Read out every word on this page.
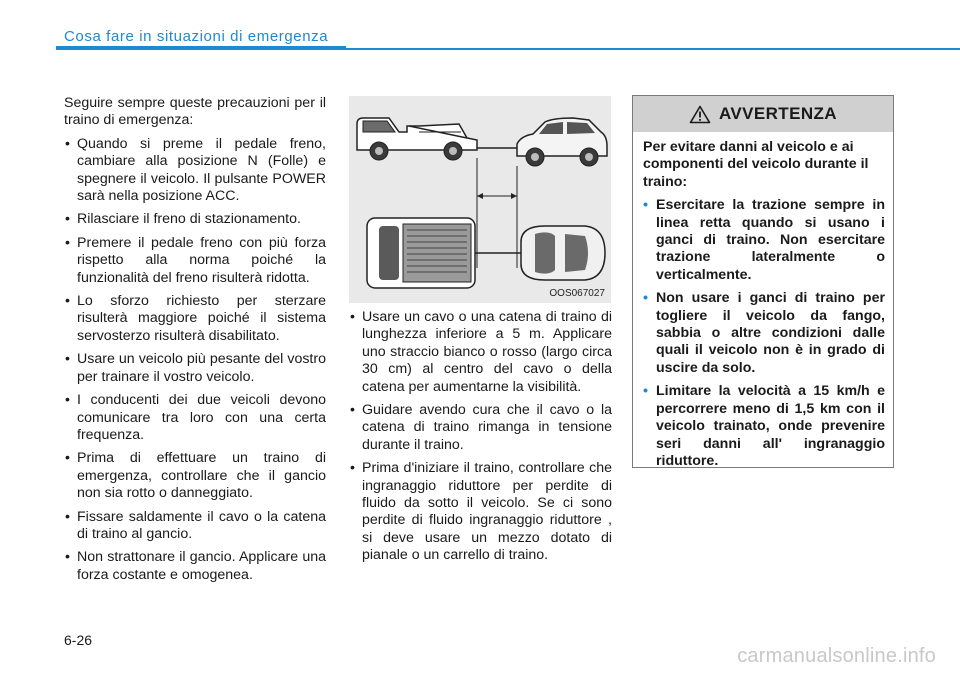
Cosa fare in situazioni di emergenza

Seguire sempre queste precauzioni per il traino di emergenza:

• Quando si preme il pedale freno, cambiare alla posizione N (Folle) e spegnere il veicolo. Il pulsante POWER sarà nella posizione ACC.
• Rilasciare il freno di stazionamento.
• Premere il pedale freno con più forza rispetto alla norma poiché la funzionalità del freno risulterà ridotta.
• Lo sforzo richiesto per sterzare risulterà maggiore poiché il sistema servosterzo risulterà disabilitato.
• Usare un veicolo più pesante del vostro per trainare il vostro veicolo.
• I conducenti dei due veicoli devono comunicare tra loro con una certa frequenza.
• Prima di effettuare un traino di emergenza, controllare che il gancio non sia rotto o danneggiato.
• Fissare saldamente il cavo o la catena di traino al gancio.
• Non strattonare il gancio. Applicare una forza costante e omogenea.
OOS067027
• Usare un cavo o una catena di traino di lunghezza inferiore a 5 m. Applicare uno straccio bianco o rosso (largo circa 30 cm) al centro del cavo o della catena per aumentarne la visibilità.
• Guidare avendo cura che il cavo o la catena di traino rimanga in tensione durante il traino.
• Prima d'iniziare il traino, controllare che ingranaggio riduttore per perdite di fluido da sotto il veicolo. Se ci sono perdite di fluido ingranaggio riduttore , si deve usare un mezzo dotato di pianale o un carrello di traino.
AVVERTENZA

Per evitare danni al veicolo e ai componenti del veicolo durante il traino:

• Esercitare la trazione sempre in linea retta quando si usano i ganci di traino. Non esercitare trazione lateralmente o verticalmente.
• Non usare i ganci di traino per togliere il veicolo da fango, sabbia o altre condizioni dalle quali il veicolo non è in grado di uscire da solo.
• Limitare la velocità a 15 km/h e percorrere meno di 1,5 km con il veicolo trainato, onde prevenire seri danni all' ingranaggio riduttore.
6-26
carmanualsonline.info
